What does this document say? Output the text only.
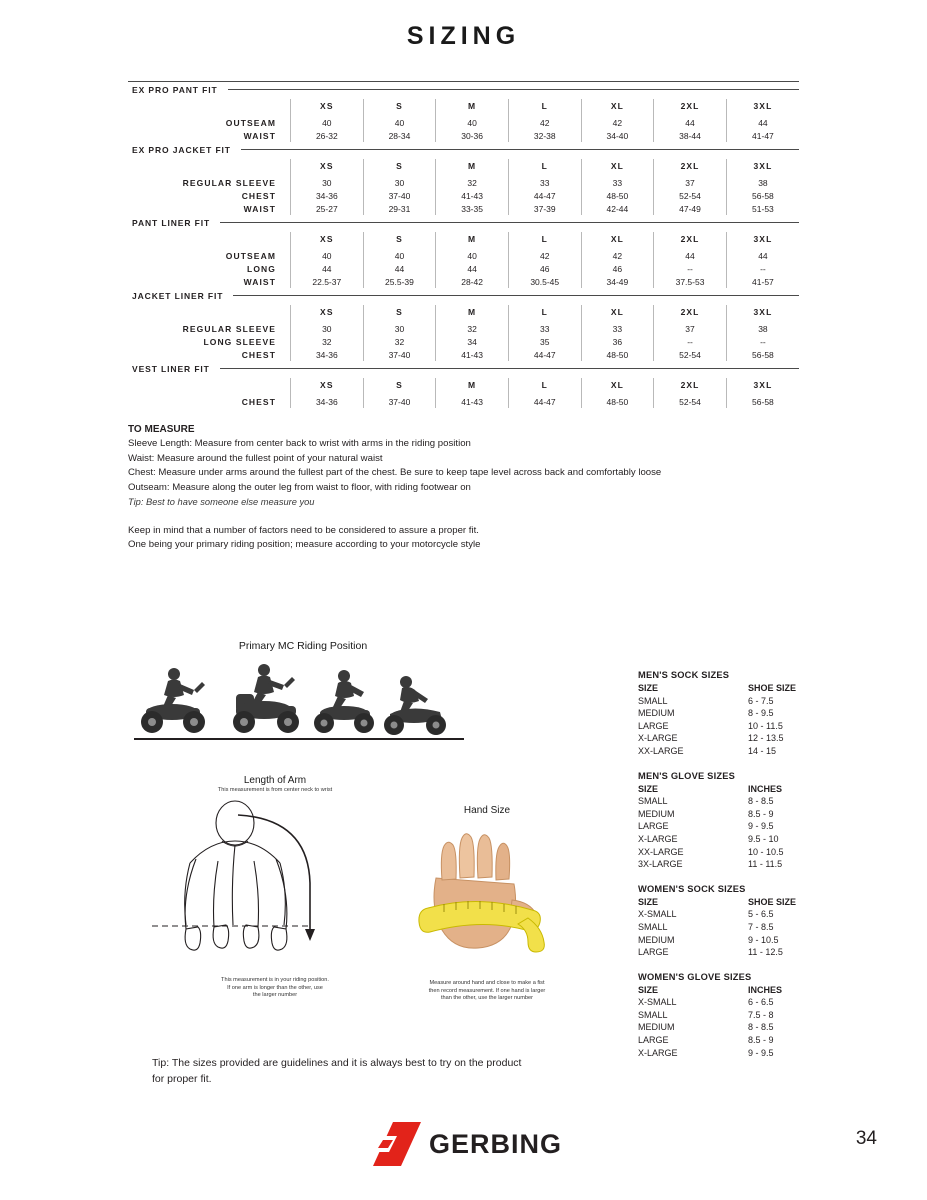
SIZING
EX PRO PANT FIT
	XS	S	M	L	XL	2XL	3XL
OUTSEAM	40	40	40	42	42	44	44
WAIST	26-32	28-34	30-36	32-38	34-40	38-44	41-47
EX PRO JACKET FIT
	XS	S	M	L	XL	2XL	3XL
REGULAR SLEEVE	30	30	32	33	33	37	38
CHEST	34-36	37-40	41-43	44-47	48-50	52-54	56-58
WAIST	25-27	29-31	33-35	37-39	42-44	47-49	51-53
PANT LINER FIT
	XS	S	M	L	XL	2XL	3XL
OUTSEAM	40	40	40	42	42	44	44
LONG	44	44	44	46	46	--	--
WAIST	22.5-37	25.5-39	28-42	30.5-45	34-49	37.5-53	41-57
JACKET LINER FIT
	XS	S	M	L	XL	2XL	3XL
REGULAR SLEEVE	30	30	32	33	33	37	38
LONG SLEEVE	32	32	34	35	36	--	--
CHEST	34-36	37-40	41-43	44-47	48-50	52-54	56-58
VEST LINER FIT
	XS	S	M	L	XL	2XL	3XL
CHEST	34-36	37-40	41-43	44-47	48-50	52-54	56-58
TO MEASURE
Sleeve Length: Measure from center back to wrist with arms in the riding position
Waist: Measure around the fullest point of your natural waist
Chest: Measure under arms around the fullest part of the chest. Be sure to keep tape level across back and comfortably loose
Outseam: Measure along the outer leg from waist to floor, with riding footwear on
Tip: Best to have someone else measure you
Keep in mind that a number of factors need to be considered to assure a proper fit.
One being your primary riding position; measure according to your motorcycle style
Primary MC Riding Position
Length of Arm
This measurement is from center neck to wrist
This measurement is in your riding position.
If one arm is longer than the other, use
the larger number
Hand Size
Measure around hand and close to make a fist
then record measurement. If one hand is larger
than the other, use the larger number
MEN'S SOCK SIZES
SIZE	SHOE SIZE
SMALL	6 - 7.5
MEDIUM	8 - 9.5
LARGE	10 - 11.5
X-LARGE	12 - 13.5
XX-LARGE	14 - 15
MEN'S GLOVE SIZES
SIZE	INCHES
SMALL	8 - 8.5
MEDIUM	8.5 - 9
LARGE	9 - 9.5
X-LARGE	9.5 - 10
XX-LARGE	10 - 10.5
3X-LARGE	11 - 11.5
WOMEN'S SOCK SIZES
SIZE	SHOE SIZE
X-SMALL	5 - 6.5
SMALL	7 - 8.5
MEDIUM	9 - 10.5
LARGE	11 - 12.5
WOMEN'S GLOVE SIZES
SIZE	INCHES
X-SMALL	6 - 6.5
SMALL	7.5 - 8
MEDIUM	8 - 8.5
LARGE	8.5 - 9
X-LARGE	9 - 9.5
Tip: The sizes provided are guidelines and it is always best to try on the product
for proper fit.
GERBING	34
